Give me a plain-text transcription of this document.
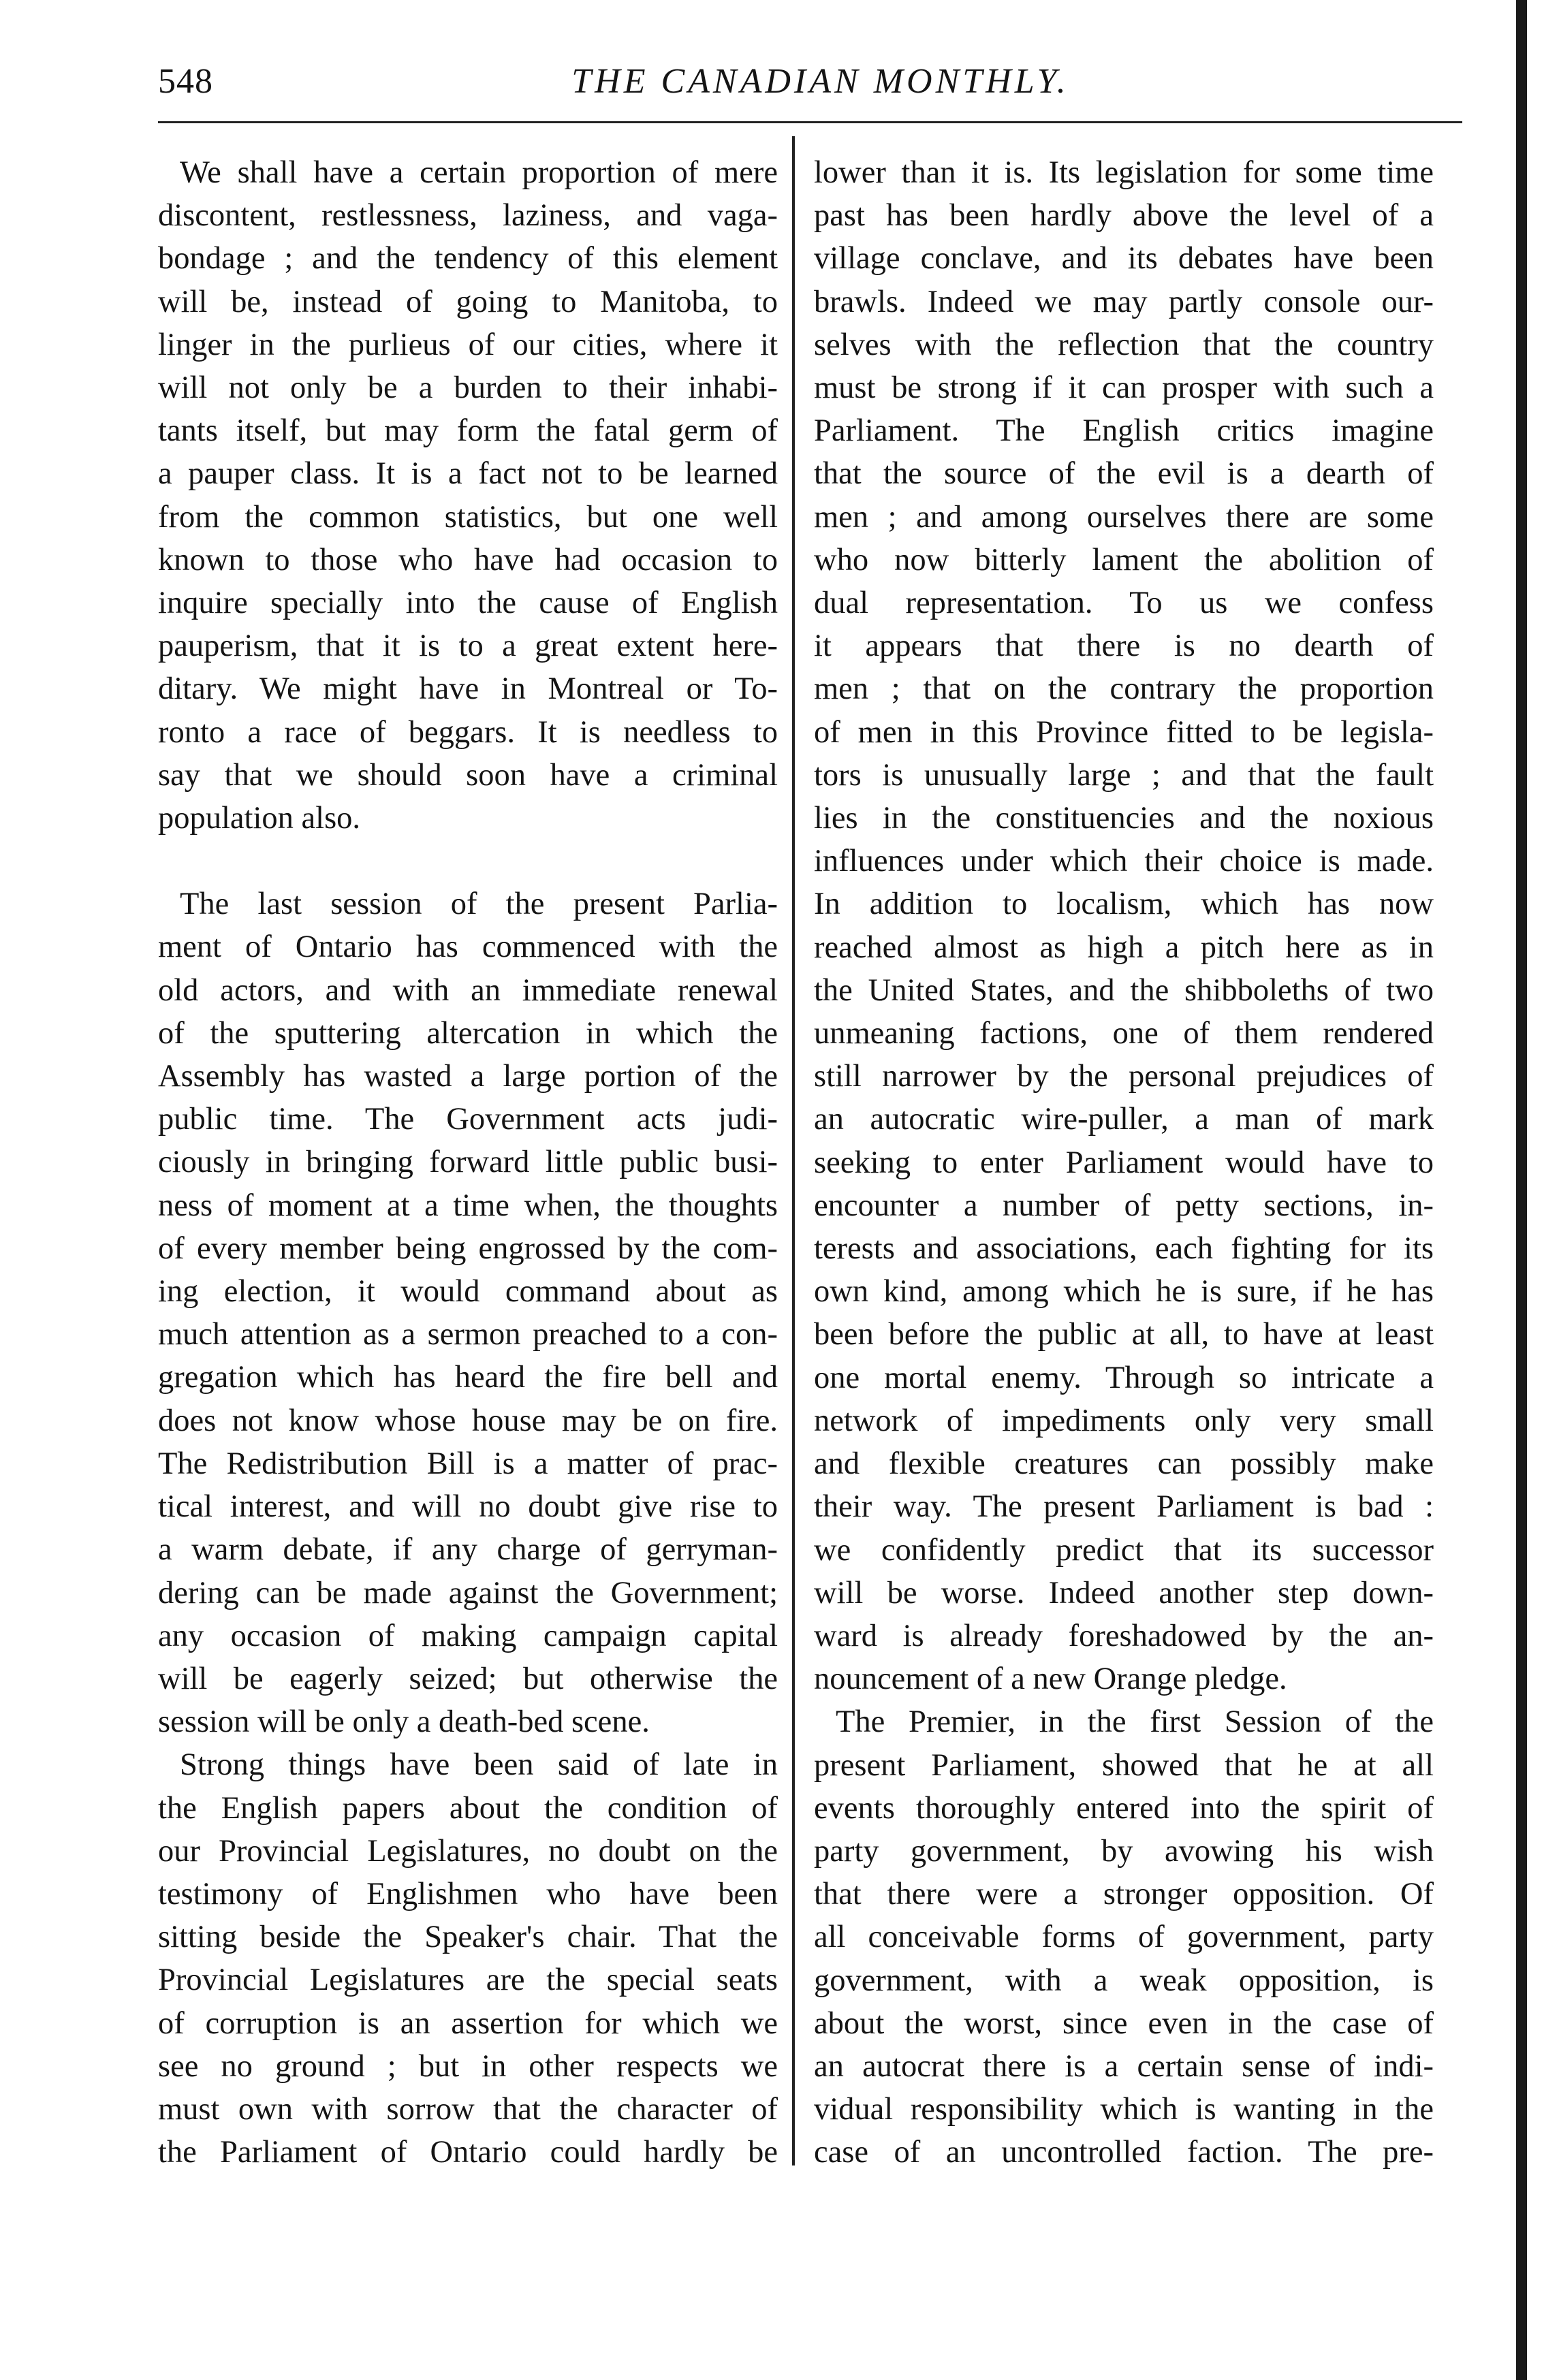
548	THE CANADIAN MONTHLY.

We shall have a certain proportion of mere
discontent, restlessness, laziness, and vaga-
bondage ; and the tendency of this element
will be, instead of going to Manitoba, to
linger in the purlieus of our cities, where it
will not only be a burden to their inhabi-
tants itself, but may form the fatal germ of
a pauper class. It is a fact not to be learned
from the common statistics, but one well
known to those who have had occasion to
inquire specially into the cause of English
pauperism, that it is to a great extent here-
ditary. We might have in Montreal or To-
ronto a race of beggars. It is needless to
say that we should soon have a criminal
population also.

The last session of the present Parlia-
ment of Ontario has commenced with the
old actors, and with an immediate renewal
of the sputtering altercation in which the
Assembly has wasted a large portion of the
public time. The Government acts judi-
ciously in bringing forward little public busi-
ness of moment at a time when, the thoughts
of every member being engrossed by the com-
ing election, it would command about as
much attention as a sermon preached to a con-
gregation which has heard the fire bell and
does not know whose house may be on fire.
The Redistribution Bill is a matter of prac-
tical interest, and will no doubt give rise to
a warm debate, if any charge of gerryman-
dering can be made against the Government;
any occasion of making campaign capital
will be eagerly seized; but otherwise the
session will be only a death-bed scene.

Strong things have been said of late in
the English papers about the condition of
our Provincial Legislatures, no doubt on the
testimony of Englishmen who have been
sitting beside the Speaker's chair. That the
Provincial Legislatures are the special seats
of corruption is an assertion for which we
see no ground ; but in other respects we
must own with sorrow that the character of
the Parliament of Ontario could hardly be

lower than it is. Its legislation for some time
past has been hardly above the level of a
village conclave, and its debates have been
brawls. Indeed we may partly console our-
selves with the reflection that the country
must be strong if it can prosper with such a
Parliament. The English critics imagine
that the source of the evil is a dearth of
men ; and among ourselves there are some
who now bitterly lament the abolition of
dual representation. To us we confess
it appears that there is no dearth of
men ; that on the contrary the proportion
of men in this Province fitted to be legisla-
tors is unusually large ; and that the fault
lies in the constituencies and the noxious
influences under which their choice is made.
In addition to localism, which has now
reached almost as high a pitch here as in
the United States, and the shibboleths of two
unmeaning factions, one of them rendered
still narrower by the personal prejudices of
an autocratic wire-puller, a man of mark
seeking to enter Parliament would have to
encounter a number of petty sections, in-
terests and associations, each fighting for its
own kind, among which he is sure, if he has
been before the public at all, to have at least
one mortal enemy. Through so intricate a
network of impediments only very small
and flexible creatures can possibly make
their way. The present Parliament is bad :
we confidently predict that its successor
will be worse. Indeed another step down-
ward is already foreshadowed by the an-
nouncement of a new Orange pledge.

The Premier, in the first Session of the
present Parliament, showed that he at all
events thoroughly entered into the spirit of
party government, by avowing his wish
that there were a stronger opposition. Of
all conceivable forms of government, party
government, with a weak opposition, is
about the worst, since even in the case of
an autocrat there is a certain sense of indi-
vidual responsibility which is wanting in the
case of an uncontrolled faction. The pre-
